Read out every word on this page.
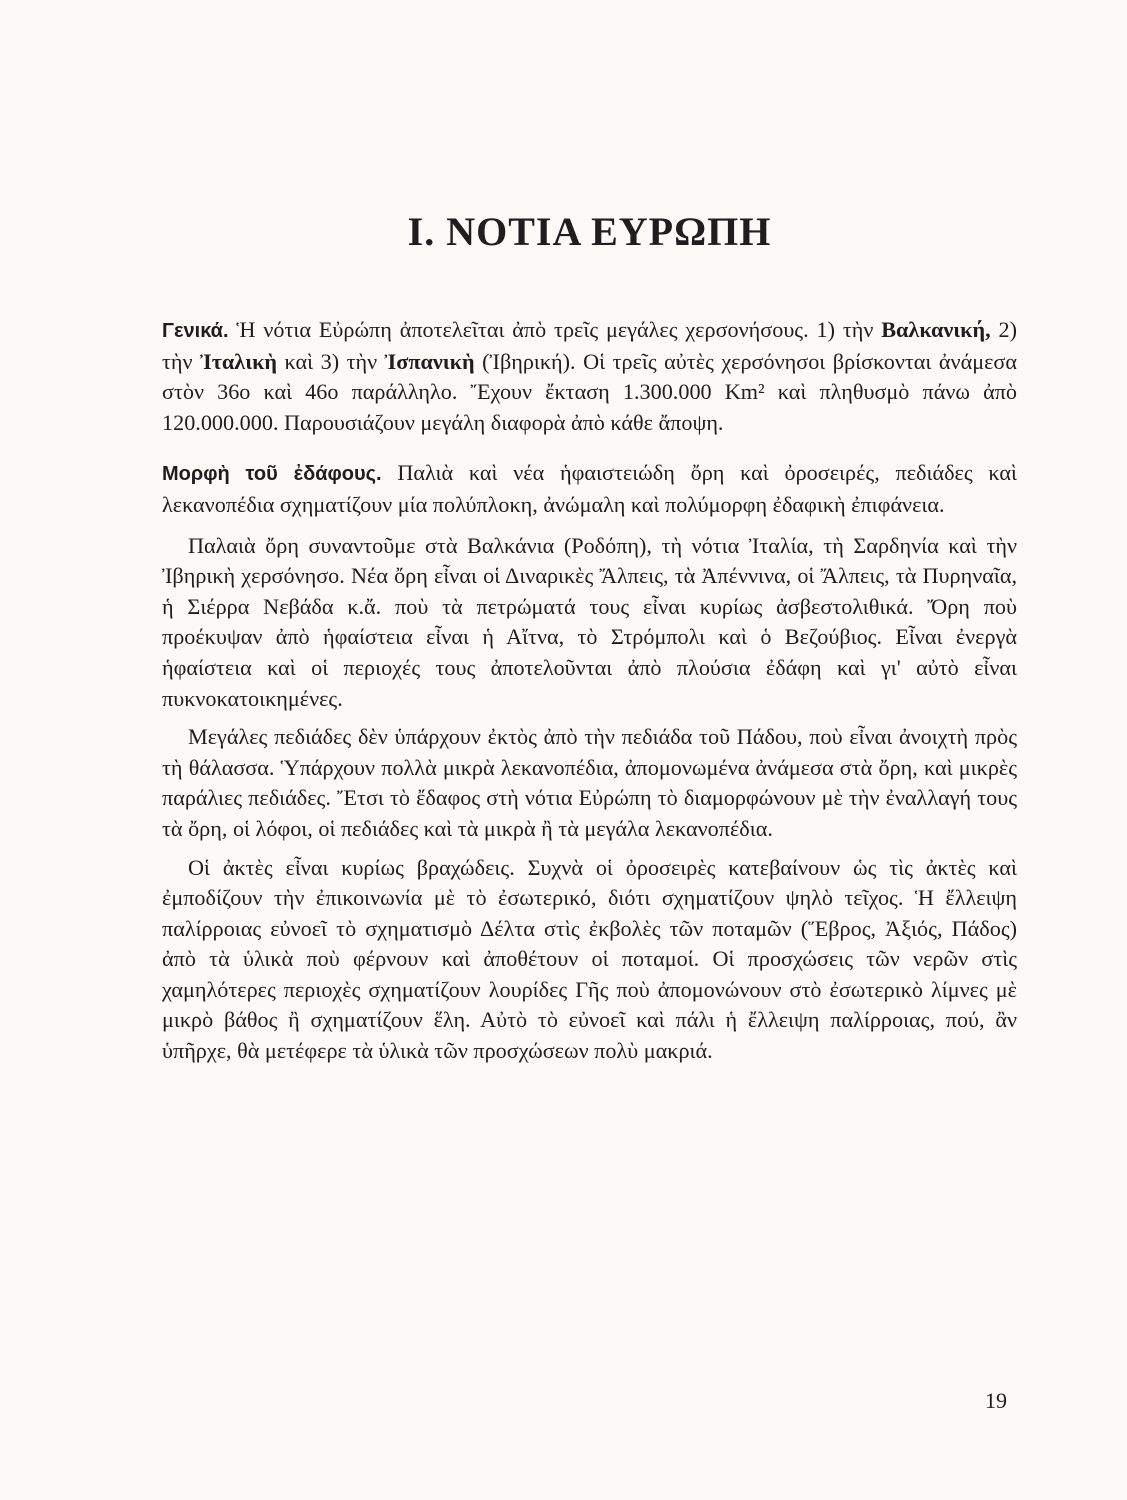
I. ΝΟΤΙΑ ΕΥΡΩΠΗ

Γενικά. Ἡ νότια Εὐρώπη ἀποτελεῖται ἀπὸ τρεῖς μεγάλες χερσονήσους. 1) τὴν Βαλκανική, 2) τὴν Ἰταλικὴ καὶ 3) τὴν Ἰσπανικὴ (Ἰβηρική). Οἱ τρεῖς αὐτὲς χερσόνησοι βρίσκονται ἀνάμεσα στὸν 36ο καὶ 46ο παράλληλο. Ἔχουν ἔκταση 1.300.000 Km² καὶ πληθυσμὸ πάνω ἀπὸ 120.000.000. Παρουσιάζουν μεγάλη διαφορὰ ἀπὸ κάθε ἄποψη.

Μορφὴ τοῦ ἐδάφους. Παλιὰ καὶ νέα ἡφαιστειώδη ὄρη καὶ ὀροσειρές, πεδιάδες καὶ λεκανοπέδια σχηματίζουν μία πολύπλοκη, ἀνώμαλη καὶ πολύμορφη ἐδαφικὴ ἐπιφάνεια.

Παλαιὰ ὄρη συναντοῦμε στὰ Βαλκάνια (Ροδόπη), τὴ νότια Ἰταλία, τὴ Σαρδηνία καὶ τὴν Ἰβηρικὴ χερσόνησο. Νέα ὄρη εἶναι οἱ Διναρικὲς Ἄλπεις, τὰ Ἀπέννινα, οἱ Ἄλπεις, τὰ Πυρηναῖα, ἡ Σιέρρα Νεβάδα κ.ἄ. ποὺ τὰ πετρώματά τους εἶναι κυρίως ἀσβεστολιθικά. Ὄρη ποὺ προέκυψαν ἀπὸ ἡφαίστεια εἶναι ἡ Αἴτνα, τὸ Στρόμπολι καὶ ὁ Βεζούβιος. Εἶναι ἐνεργὰ ἡφαίστεια καὶ οἱ περιοχές τους ἀποτελοῦνται ἀπὸ πλούσια ἐδάφη καὶ γι' αὐτὸ εἶναι πυκνοκατοικημένες.

Μεγάλες πεδιάδες δὲν ὑπάρχουν ἐκτὸς ἀπὸ τὴν πεδιάδα τοῦ Πάδου, ποὺ εἶναι ἀνοιχτὴ πρὸς τὴ θάλασσα. Ὑπάρχουν πολλὰ μικρὰ λεκανοπέδια, ἀπομονωμένα ἀνάμεσα στὰ ὄρη, καὶ μικρὲς παράλιες πεδιάδες. Ἔτσι τὸ ἔδαφος στὴ νότια Εὐρώπη τὸ διαμορφώνουν μὲ τὴν ἐναλλαγή τους τὰ ὄρη, οἱ λόφοι, οἱ πεδιάδες καὶ τὰ μικρὰ ἢ τὰ μεγάλα λεκανοπέδια.

Οἱ ἀκτὲς εἶναι κυρίως βραχώδεις. Συχνὰ οἱ ὀροσειρὲς κατεβαίνουν ὡς τὶς ἀκτὲς καὶ ἐμποδίζουν τὴν ἐπικοινωνία μὲ τὸ ἐσωτερικό, διότι σχηματίζουν ψηλὸ τεῖχος. Ἡ ἔλλειψη παλίρροιας εὐνοεῖ τὸ σχηματισμὸ Δέλτα στὶς ἐκβολὲς τῶν ποταμῶν (Ἕβρος, Ἀξιός, Πάδος) ἀπὸ τὰ ὑλικὰ ποὺ φέρνουν καὶ ἀποθέτουν οἱ ποταμοί. Οἱ προσχώσεις τῶν νερῶν στὶς χαμηλότερες περιοχὲς σχηματίζουν λουρίδες Γῆς ποὺ ἀπομονώνουν στὸ ἐσωτερικὸ λίμνες μὲ μικρὸ βάθος ἢ σχηματίζουν ἕλη. Αὐτὸ τὸ εὐνοεῖ καὶ πάλι ἡ ἔλλειψη παλίρροιας, πού, ἂν ὑπῆρχε, θὰ μετέφερε τὰ ὑλικὰ τῶν προσχώσεων πολὺ μακριά.

19
